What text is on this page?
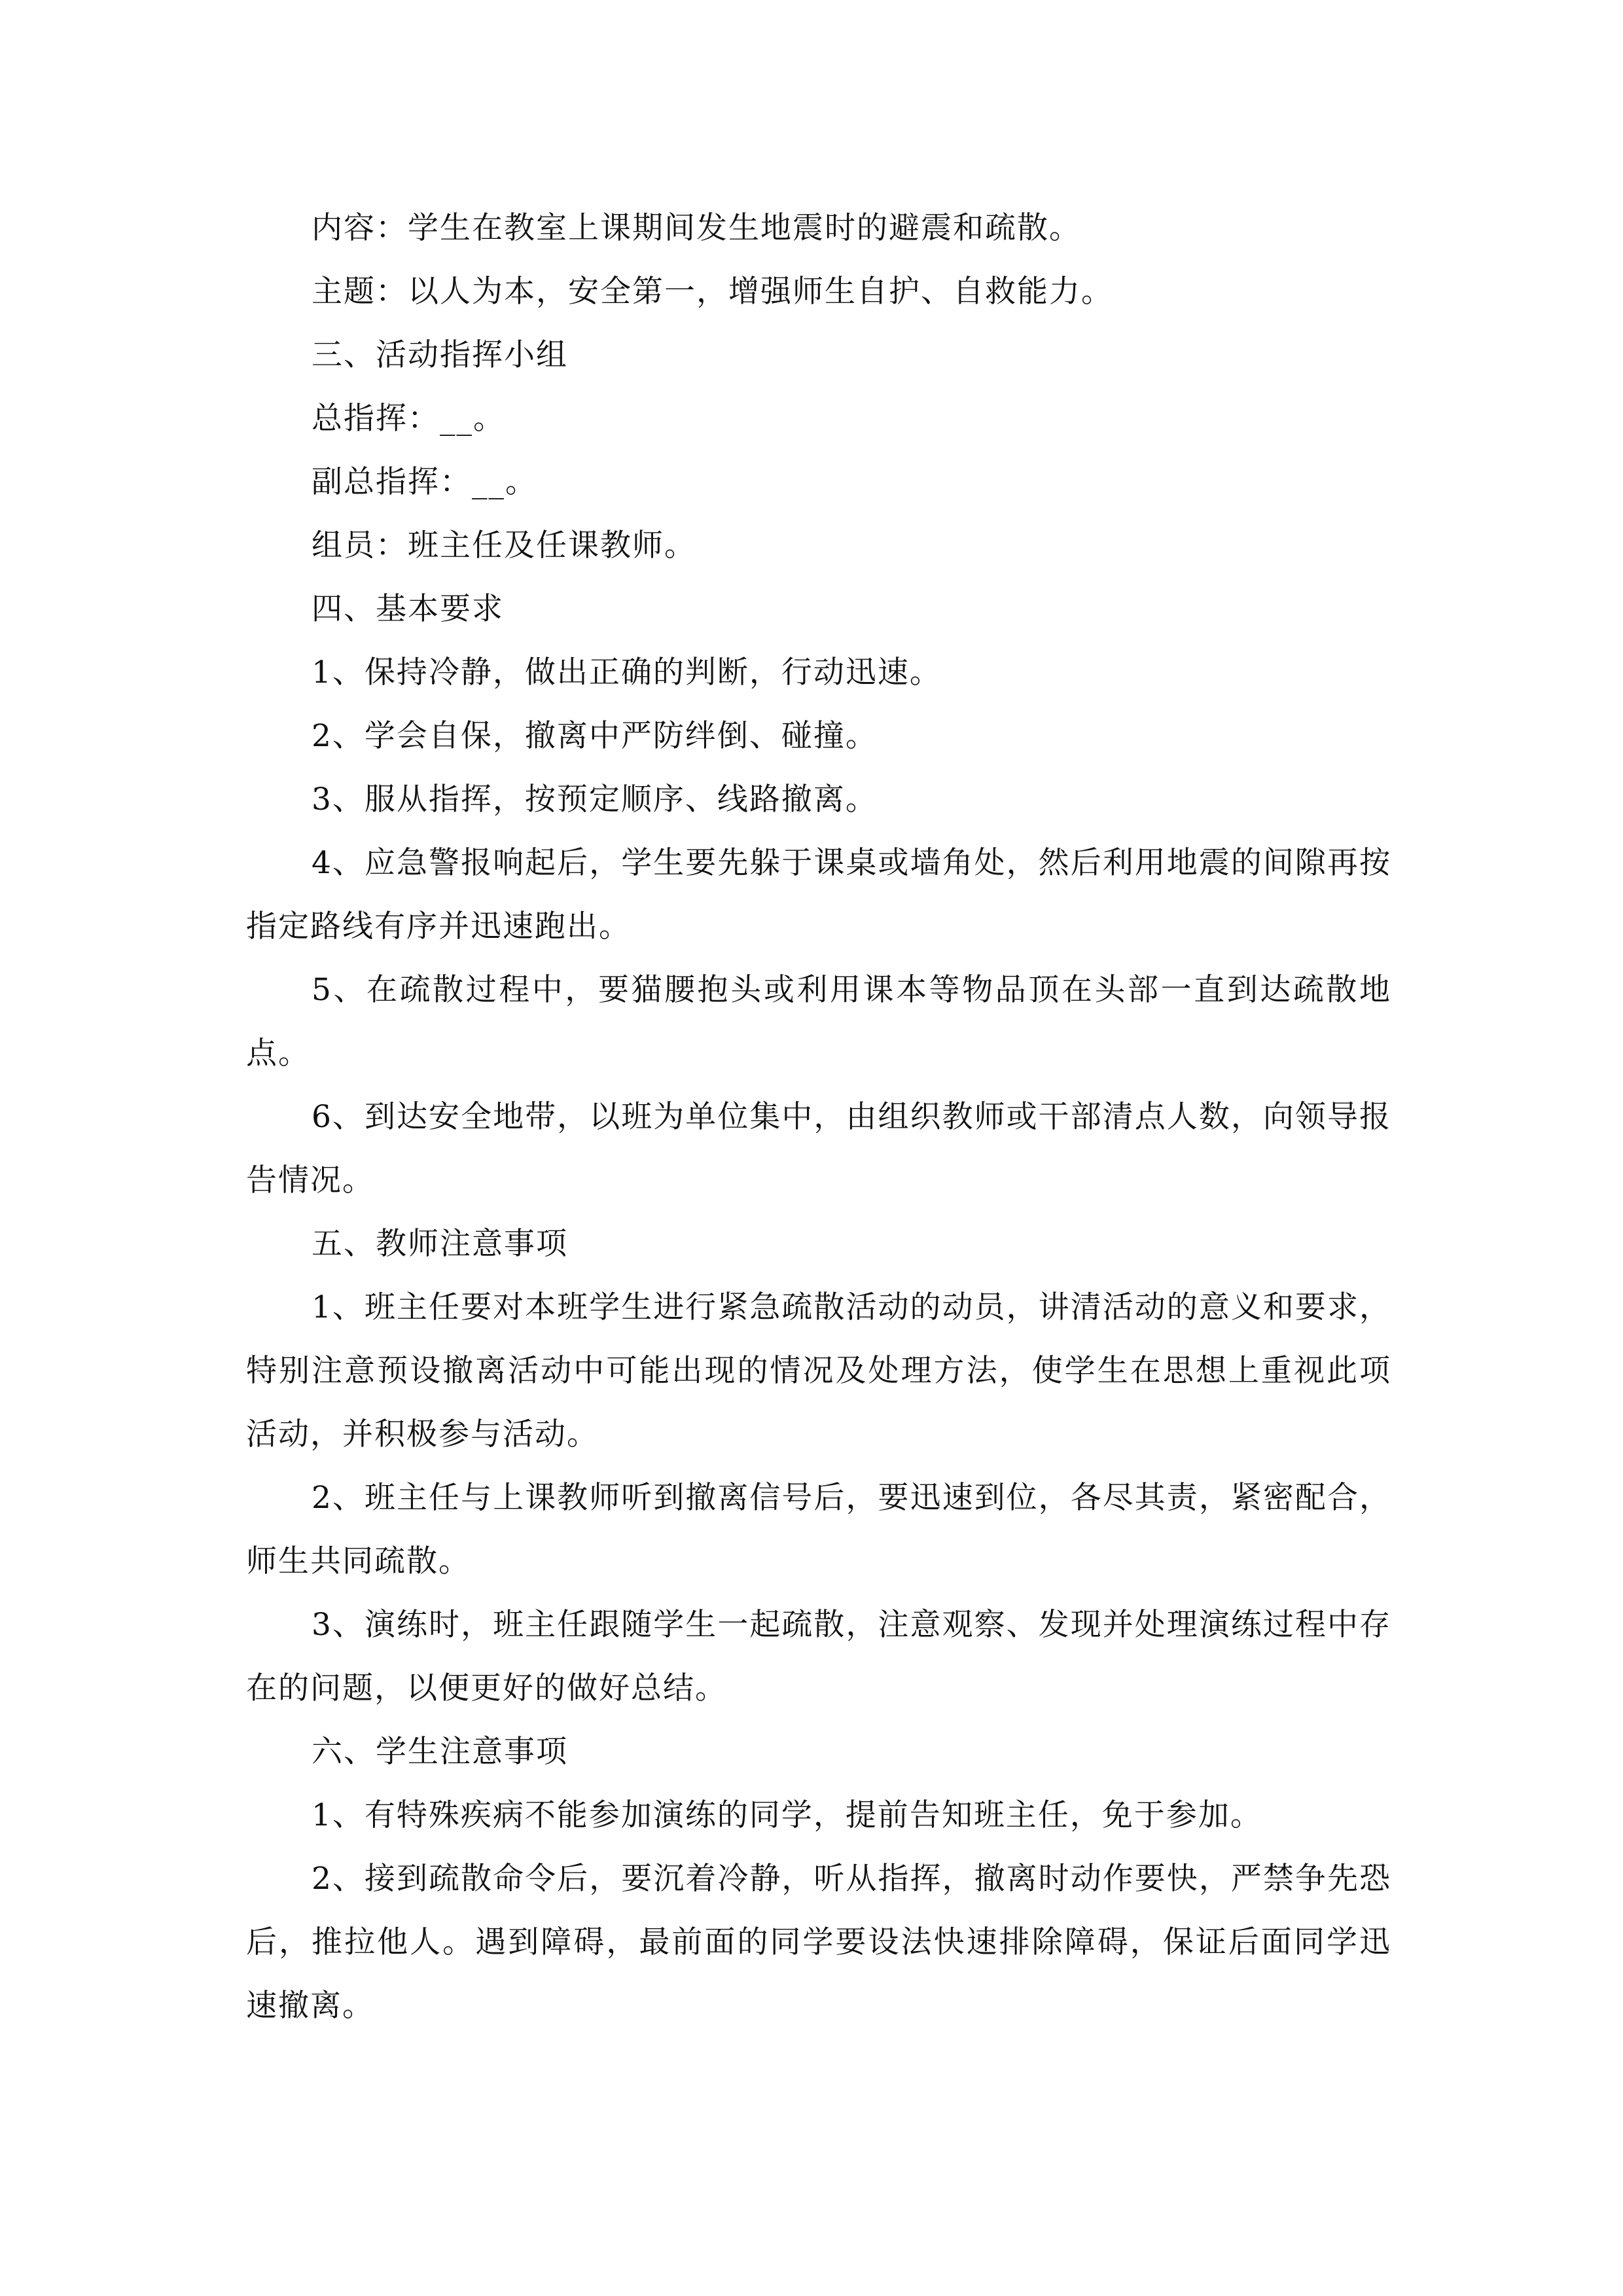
内容：学生在教室上课期间发生地震时的避震和疏散。

主题：以人为本，安全第一，增强师生自护、自救能力。

三、活动指挥小组

总指挥：__。

副总指挥：__。

组员：班主任及任课教师。

四、基本要求

1、保持冷静，做出正确的判断，行动迅速。

2、学会自保，撤离中严防绊倒、碰撞。

3、服从指挥，按预定顺序、线路撤离。

4、应急警报响起后，学生要先躲于课桌或墙角处，然后利用地震的间隙再按指定路线有序并迅速跑出。

5、在疏散过程中，要猫腰抱头或利用课本等物品顶在头部一直到达疏散地点。

6、到达安全地带，以班为单位集中，由组织教师或干部清点人数，向领导报告情况。

五、教师注意事项

1、班主任要对本班学生进行紧急疏散活动的动员，讲清活动的意义和要求，特别注意预设撤离活动中可能出现的情况及处理方法，使学生在思想上重视此项活动，并积极参与活动。

2、班主任与上课教师听到撤离信号后，要迅速到位，各尽其责，紧密配合，师生共同疏散。

3、演练时，班主任跟随学生一起疏散，注意观察、发现并处理演练过程中存在的问题，以便更好的做好总结。

六、学生注意事项

1、有特殊疾病不能参加演练的同学，提前告知班主任，免于参加。

2、接到疏散命令后，要沉着冷静，听从指挥，撤离时动作要快，严禁争先恐后，推拉他人。遇到障碍，最前面的同学要设法快速排除障碍，保证后面同学迅速撤离。
